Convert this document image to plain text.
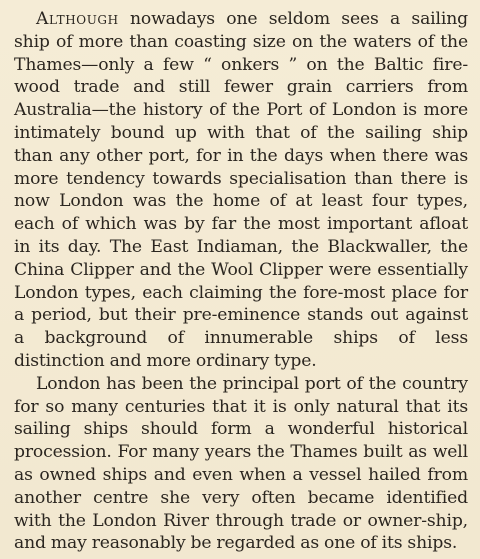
Although nowadays one seldom sees a sailing ship of more than coasting size on the waters of the Thames—only a few “ onkers ” on the Baltic fire-wood trade and still fewer grain carriers from Australia—the history of the Port of London is more intimately bound up with that of the sailing ship than any other port, for in the days when there was more tendency towards specialisation than there is now London was the home of at least four types, each of which was by far the most important afloat in its day. The East Indiaman, the Blackwaller, the China Clipper and the Wool Clipper were essentially London types, each claiming the fore-most place for a period, but their pre-eminence stands out against a background of innumerable ships of less distinction and more ordinary type.

London has been the principal port of the country for so many centuries that it is only natural that its sailing ships should form a wonderful historical procession. For many years the Thames built as well as owned ships and even when a vessel hailed from another centre she very often became identified with the London River through trade or owner-ship, and may reasonably be regarded as one of its ships.
